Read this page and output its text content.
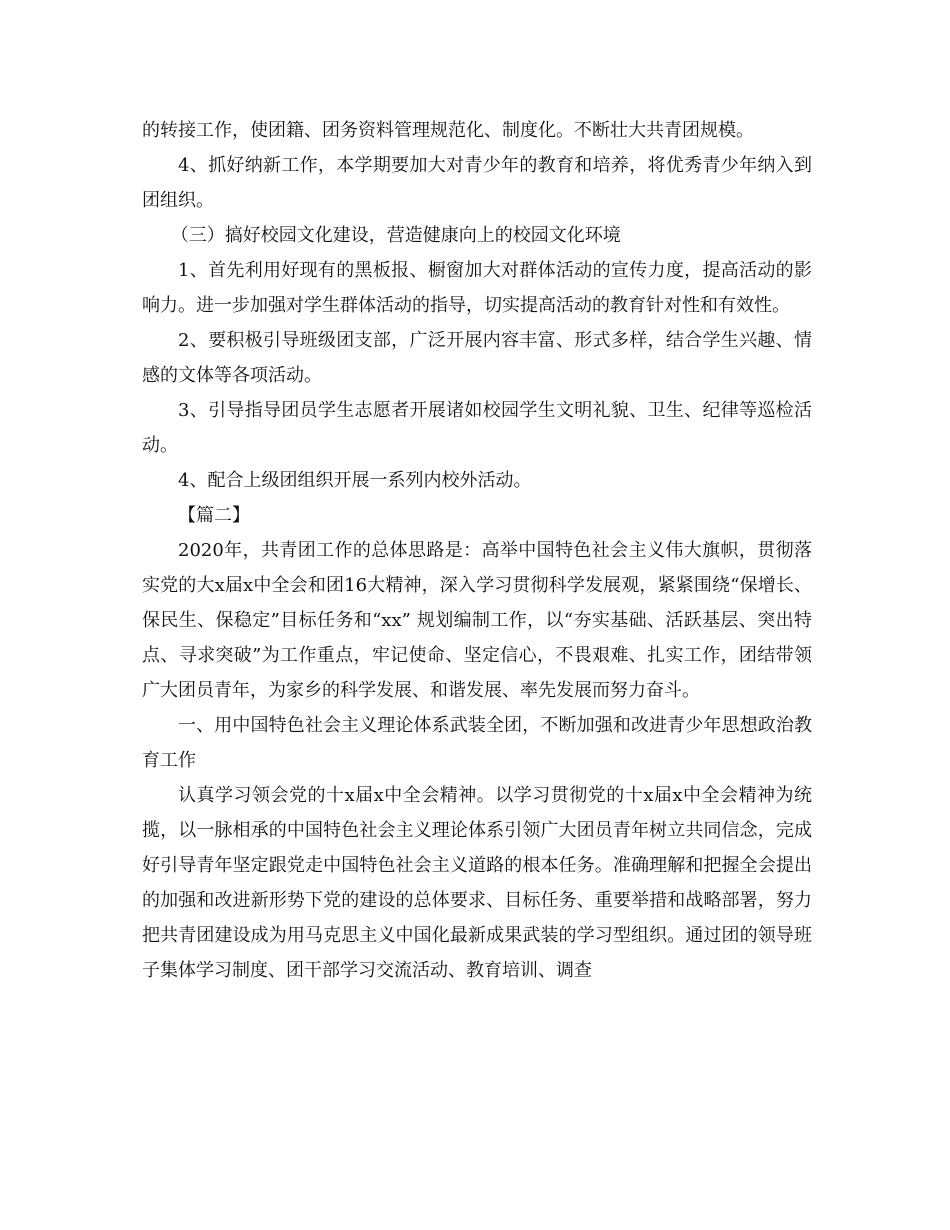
的转接工作，使团籍、团务资料管理规范化、制度化。不断壮大共青团规模。

4、抓好纳新工作，本学期要加大对青少年的教育和培养，将优秀青少年纳入到团组织。

（三）搞好校园文化建设，营造健康向上的校园文化环境

1、首先利用好现有的黑板报、橱窗加大对群体活动的宣传力度，提高活动的影响力。进一步加强对学生群体活动的指导，切实提高活动的教育针对性和有效性。

2、要积极引导班级团支部，广泛开展内容丰富、形式多样，结合学生兴趣、情感的文体等各项活动。

3、引导指导团员学生志愿者开展诸如校园学生文明礼貌、卫生、纪律等巡检活动。

4、配合上级团组织开展一系列内校外活动。

【篇二】

2020年，共青团工作的总体思路是：高举中国特色社会主义伟大旗帜，贯彻落实党的大x届x中全会和团16大精神，深入学习贯彻科学发展观，紧紧围绕“保增长、保民生、保稳定”目标任务和“xx” 规划编制工作，以“夯实基础、活跃基层、突出特点、寻求突破”为工作重点，牢记使命、坚定信心，不畏艰难、扎实工作，团结带领广大团员青年，为家乡的科学发展、和谐发展、率先发展而努力奋斗。

一、用中国特色社会主义理论体系武装全团，不断加强和改进青少年思想政治教育工作

认真学习领会党的十x届x中全会精神。以学习贯彻党的十x届x中全会精神为统揽，以一脉相承的中国特色社会主义理论体系引领广大团员青年树立共同信念，完成好引导青年坚定跟党走中国特色社会主义道路的根本任务。准确理解和把握全会提出的加强和改进新形势下党的建设的总体要求、目标任务、重要举措和战略部署，努力把共青团建设成为用马克思主义中国化最新成果武装的学习型组织。通过团的领导班子集体学习制度、团干部学习交流活动、教育培训、调查
